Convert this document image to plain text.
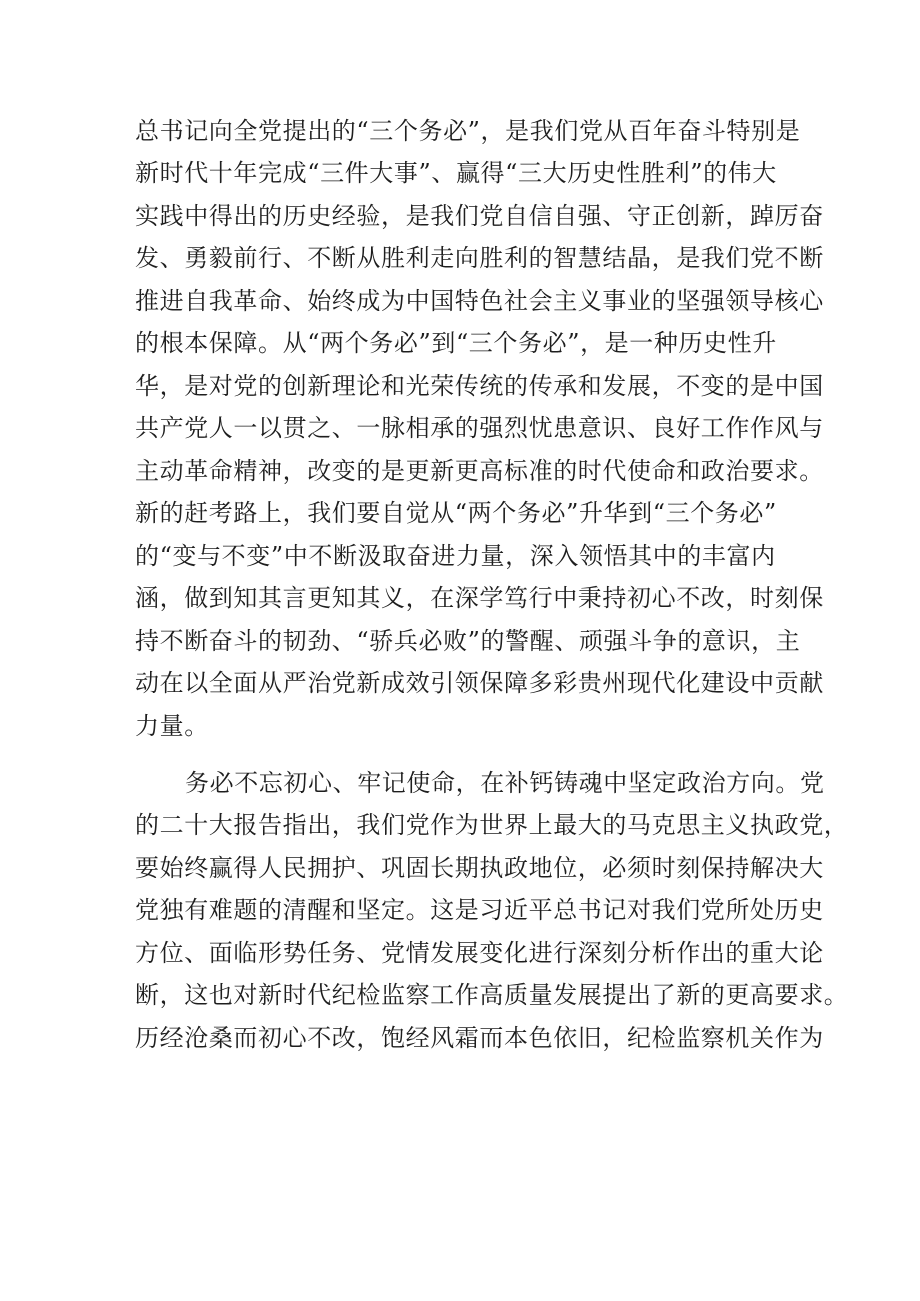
总书记向全党提出的“三个务必”，是我们党从百年奋斗特别是

新时代十年完成“三件大事”、赢得“三大历史性胜利”的伟大

实践中得出的历史经验，是我们党自信自强、守正创新，踔厉奋

发、勇毅前行、不断从胜利走向胜利的智慧结晶，是我们党不断

推进自我革命、始终成为中国特色社会主义事业的坚强领导核心

的根本保障。从“两个务必”到“三个务必”，是一种历史性升

华，是对党的创新理论和光荣传统的传承和发展，不变的是中国

共产党人一以贯之、一脉相承的强烈忧患意识、良好工作作风与

主动革命精神，改变的是更新更高标准的时代使命和政治要求。

新的赶考路上，我们要自觉从“两个务必”升华到“三个务必”

的“变与不变”中不断汲取奋进力量，深入领悟其中的丰富内

涵，做到知其言更知其义，在深学笃行中秉持初心不改，时刻保

持不断奋斗的韧劲、“骄兵必败”的警醒、顽强斗争的意识，主

动在以全面从严治党新成效引领保障多彩贵州现代化建设中贡献

力量。

务必不忘初心、牢记使命，在补钙铸魂中坚定政治方向。党

的二十大报告指出，我们党作为世界上最大的马克思主义执政党，

要始终赢得人民拥护、巩固长期执政地位，必须时刻保持解决大

党独有难题的清醒和坚定。这是习近平总书记对我们党所处历史

方位、面临形势任务、党情发展变化进行深刻分析作出的重大论

断，这也对新时代纪检监察工作高质量发展提出了新的更高要求。

历经沧桑而初心不改，饱经风霜而本色依旧，纪检监察机关作为
